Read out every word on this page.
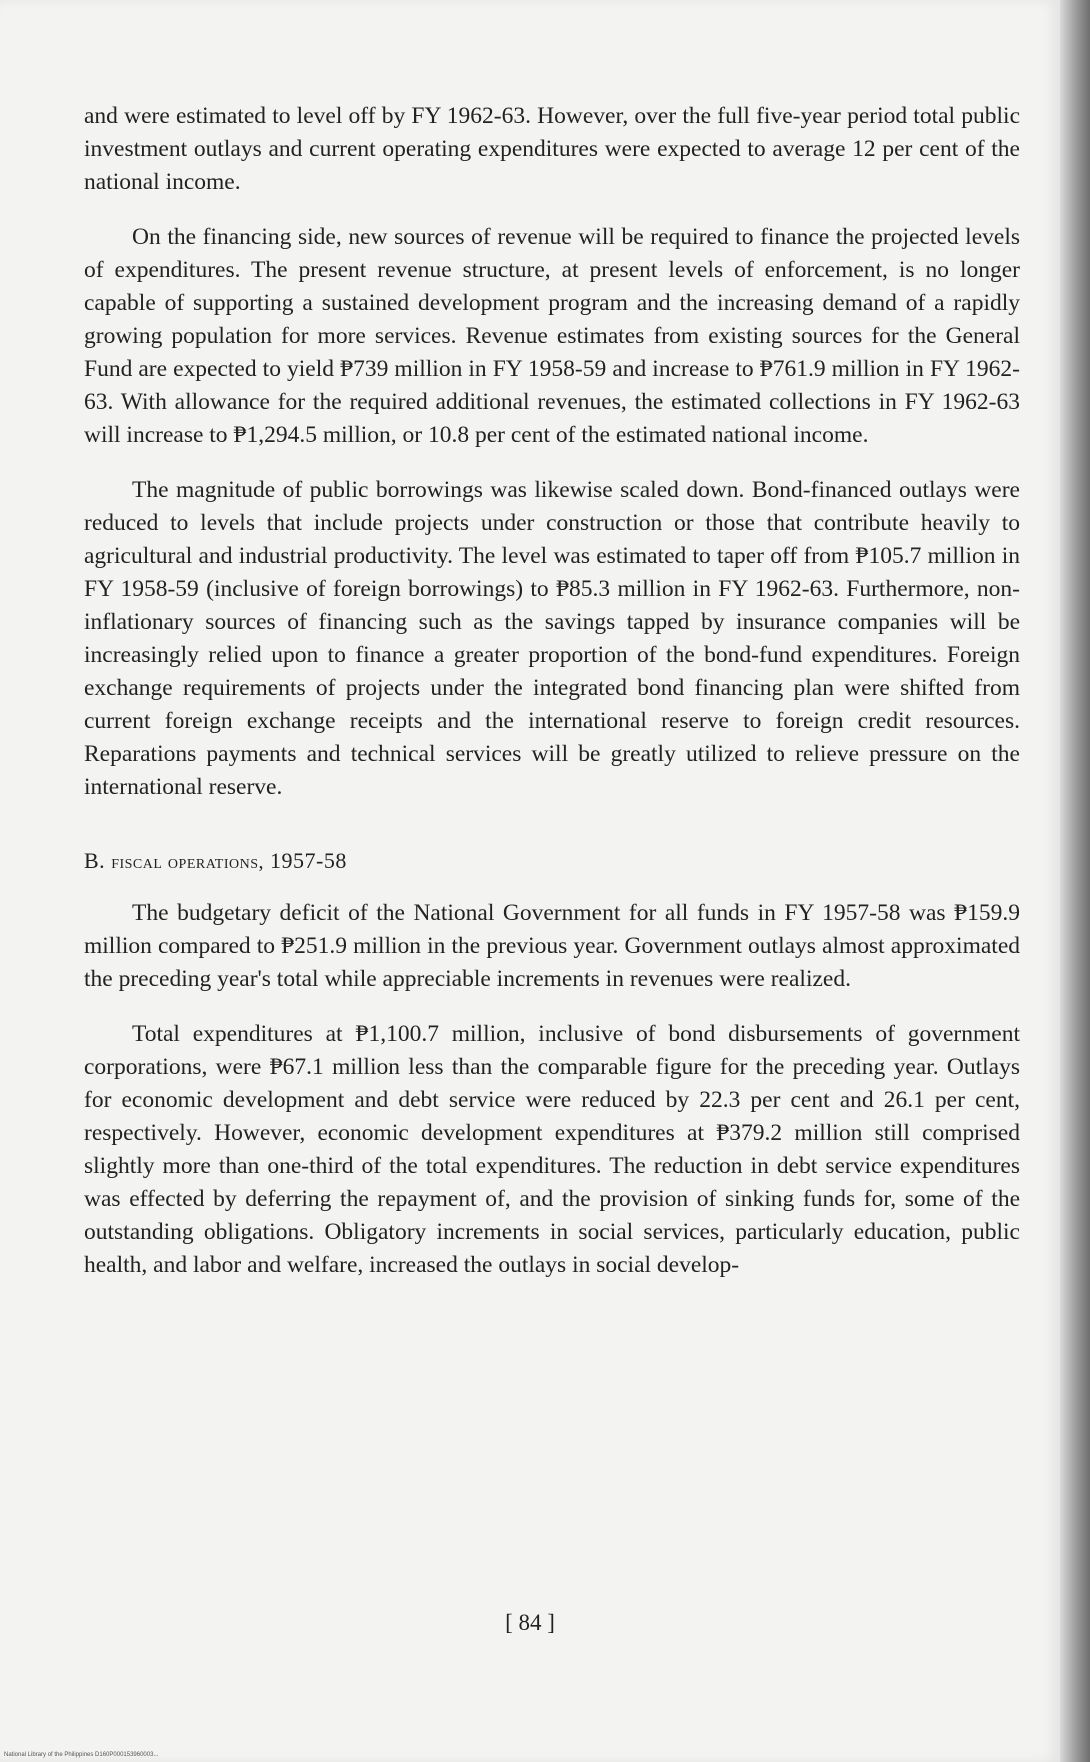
and were estimated to level off by FY 1962-63. However, over the full five-year period total public investment outlays and current operating expenditures were expected to average 12 per cent of the national income.

On the financing side, new sources of revenue will be required to finance the projected levels of expenditures. The present revenue structure, at present levels of enforcement, is no longer capable of supporting a sustained development program and the increasing demand of a rapidly growing population for more services. Revenue estimates from existing sources for the General Fund are expected to yield ₱739 million in FY 1958-59 and increase to ₱761.9 million in FY 1962-63. With allowance for the required additional revenues, the estimated collections in FY 1962-63 will increase to ₱1,294.5 million, or 10.8 per cent of the estimated national income.

The magnitude of public borrowings was likewise scaled down. Bond-financed outlays were reduced to levels that include projects under construction or those that contribute heavily to agricultural and industrial productivity. The level was estimated to taper off from ₱105.7 million in FY 1958-59 (inclusive of foreign borrowings) to ₱85.3 million in FY 1962-63. Furthermore, non-inflationary sources of financing such as the savings tapped by insurance companies will be increasingly relied upon to finance a greater proportion of the bond-fund expenditures. Foreign exchange requirements of projects under the integrated bond financing plan were shifted from current foreign exchange receipts and the international reserve to foreign credit resources. Reparations payments and technical services will be greatly utilized to relieve pressure on the international reserve.

B. fiscal operations, 1957-58

The budgetary deficit of the National Government for all funds in FY 1957-58 was ₱159.9 million compared to ₱251.9 million in the previous year. Government outlays almost approximated the preceding year's total while appreciable increments in revenues were realized.

Total expenditures at ₱1,100.7 million, inclusive of bond disbursements of government corporations, were ₱67.1 million less than the comparable figure for the preceding year. Outlays for economic development and debt service were reduced by 22.3 per cent and 26.1 per cent, respectively. However, economic development expenditures at ₱379.2 million still comprised slightly more than one-third of the total expenditures. The reduction in debt service expenditures was effected by deferring the repayment of, and the provision of sinking funds for, some of the outstanding obligations. Obligatory increments in social services, particularly education, public health, and labor and welfare, increased the outlays in social develop-

[ 84 ]
National Library of the Philippines D160P000153960003...
